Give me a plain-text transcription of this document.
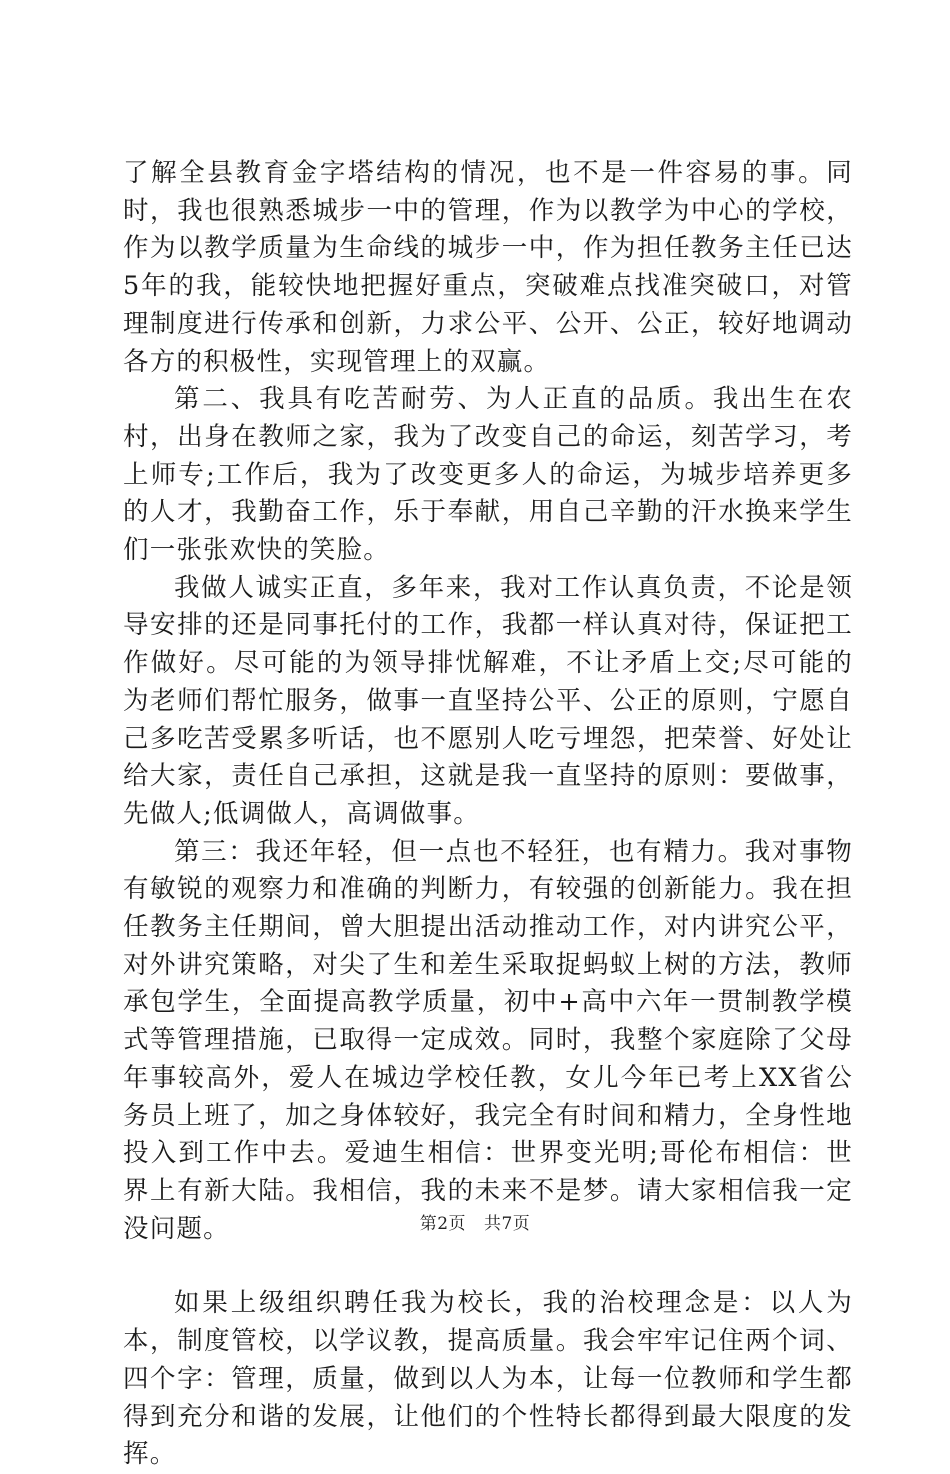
了解全县教育金字塔结构的情况，也不是一件容易的事。同时，我也很熟悉城步一中的管理，作为以教学为中心的学校，作为以教学质量为生命线的城步一中，作为担任教务主任已达5年的我，能较快地把握好重点，突破难点找准突破口，对管理制度进行传承和创新，力求公平、公开、公正，较好地调动各方的积极性，实现管理上的双赢。

第二、我具有吃苦耐劳、为人正直的品质。我出生在农村，出身在教师之家，我为了改变自己的命运，刻苦学习，考上师专;工作后，我为了改变更多人的命运，为城步培养更多的人才，我勤奋工作，乐于奉献，用自己辛勤的汗水换来学生们一张张欢快的笑脸。

我做人诚实正直，多年来，我对工作认真负责，不论是领导安排的还是同事托付的工作，我都一样认真对待，保证把工作做好。尽可能的为领导排忧解难，不让矛盾上交;尽可能的为老师们帮忙服务，做事一直坚持公平、公正的原则，宁愿自己多吃苦受累多听话，也不愿别人吃亏埋怨，把荣誉、好处让给大家，责任自己承担，这就是我一直坚持的原则：要做事，先做人;低调做人，高调做事。

第三：我还年轻，但一点也不轻狂，也有精力。我对事物有敏锐的观察力和准确的判断力，有较强的创新能力。我在担任教务主任期间，曾大胆提出活动推动工作，对内讲究公平，对外讲究策略，对尖了生和差生采取捉蚂蚁上树的方法，教师承包学生，全面提高教学质量，初中+高中六年一贯制教学模式等管理措施，已取得一定成效。同时，我整个家庭除了父母年事较高外，爱人在城边学校任教，女儿今年已考上XX省公务员上班了，加之身体较好，我完全有时间和精力，全身性地投入到工作中去。爱迪生相信：世界变光明;哥伦布相信：世界上有新大陆。我相信，我的未来不是梦。请大家相信我一定没问题。

如果上级组织聘任我为校长，我的治校理念是：以人为本，制度管校，以学议教，提高质量。我会牢牢记住两个词、四个字：管理，质量，做到以人为本，让每一位教师和学生都得到充分和谐的发展，让他们的个性特长都得到最大限度的发挥。

第2页 共7页
